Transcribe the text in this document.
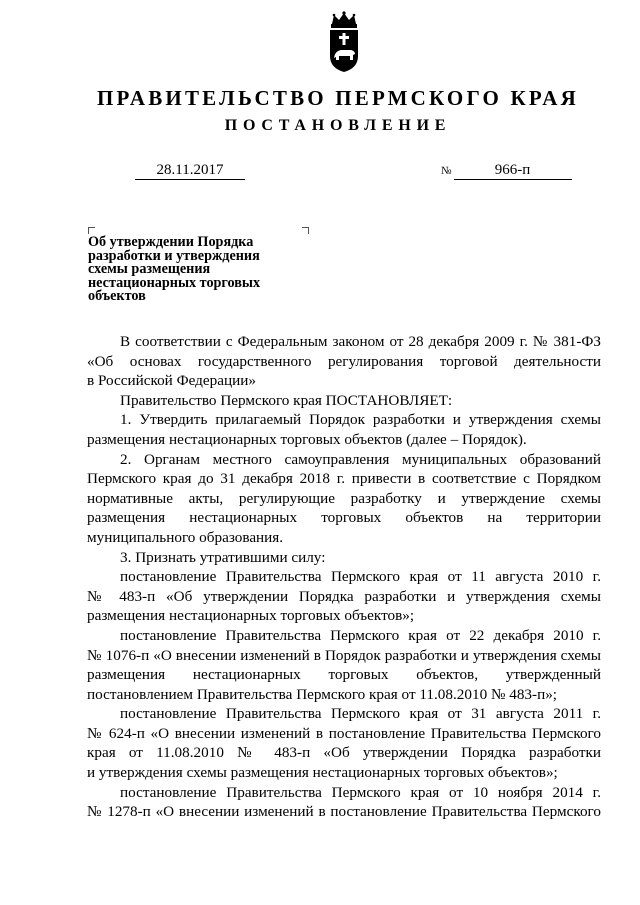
ПРАВИТЕЛЬСТВО ПЕРМСКОГО КРАЯ
ПОСТАНОВЛЕНИЕ
28.11.2017	№	966-п
Об утверждении Порядка
разработки и утверждения
схемы размещения
нестационарных торговых
объектов

В соответствии с Федеральным законом от 28 декабря 2009 г. № 381-ФЗ

«Об основах государственного регулирования торговой деятельности

в Российской Федерации»

Правительство Пермского края ПОСТАНОВЛЯЕТ:

1. Утвердить прилагаемый Порядок разработки и утверждения схемы

размещения нестационарных торговых объектов (далее – Порядок).

2. Органам местного самоуправления муниципальных образований

Пермского края до 31 декабря 2018 г. привести в соответствие с Порядком

нормативные акты, регулирующие разработку и утверждение схемы

размещения нестационарных торговых объектов на территории

муниципального образования.

3. Признать утратившими силу:

постановление Правительства Пермского края от 11 августа 2010 г.

№ 483-п «Об утверждении Порядка разработки и утверждения схемы

размещения нестационарных торговых объектов»;

постановление Правительства Пермского края от 22 декабря 2010 г.

№ 1076-п «О внесении изменений в Порядок разработки и утверждения схемы

размещения нестационарных торговых объектов, утвержденный

постановлением Правительства Пермского края от 11.08.2010 № 483-п»;

постановление Правительства Пермского края от 31 августа 2011 г.

№ 624-п «О внесении изменений в постановление Правительства Пермского

края от 11.08.2010 № 483-п «Об утверждении Порядка разработки

и утверждения схемы размещения нестационарных торговых объектов»;

постановление Правительства Пермского края от 10 ноября 2014 г.

№ 1278-п «О внесении изменений в постановление Правительства Пермского
